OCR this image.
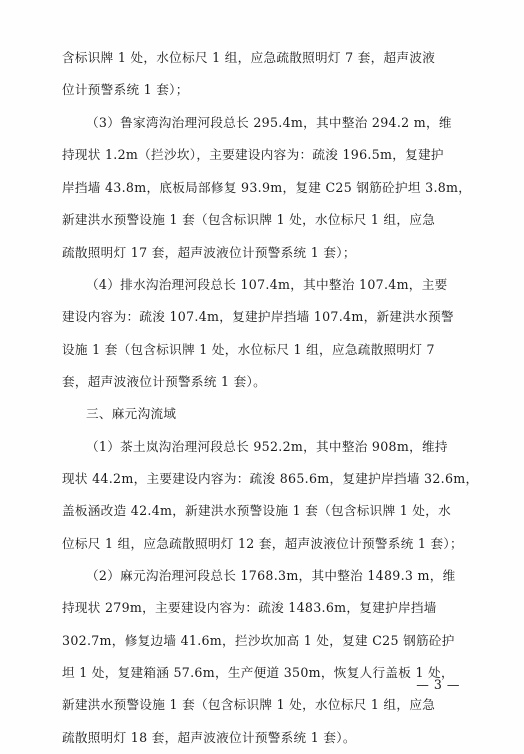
含标识牌 1 处，水位标尺 1 组，应急疏散照明灯 7 套，超声波液
位计预警系统 1 套）；
（3）鲁家湾沟治理河段总长 295.4m，其中整治 294.2 m，维
持现状 1.2m（拦沙坎），主要建设内容为：疏浚 196.5m，复建护
岸挡墙 43.8m，底板局部修复 93.9m，复建 C25 钢筋砼护坦 3.8m，
新建洪水预警设施 1 套（包含标识牌 1 处，水位标尺 1 组，应急
疏散照明灯 17 套，超声波液位计预警系统 1 套）；
（4）排水沟治理河段总长 107.4m，其中整治 107.4m，主要
建设内容为：疏浚 107.4m，复建护岸挡墙 107.4m，新建洪水预警
设施 1 套（包含标识牌 1 处，水位标尺 1 组，应急疏散照明灯 7
套，超声波液位计预警系统 1 套）。
三、麻元沟流域
（1）茶土岚沟治理河段总长 952.2m，其中整治 908m，维持
现状 44.2m，主要建设内容为：疏浚 865.6m，复建护岸挡墙 32.6m，
盖板涵改造 42.4m，新建洪水预警设施 1 套（包含标识牌 1 处，水
位标尺 1 组，应急疏散照明灯 12 套，超声波液位计预警系统 1 套）；
（2）麻元沟治理河段总长 1768.3m，其中整治 1489.3 m，维
持现状 279m，主要建设内容为：疏浚 1483.6m，复建护岸挡墙
302.7m，修复边墙 41.6m，拦沙坎加高 1 处，复建 C25 钢筋砼护
坦 1 处，复建箱涵 57.6m，生产便道 350m，恢复人行盖板 1 处，
新建洪水预警设施 1 套（包含标识牌 1 处，水位标尺 1 组，应急
疏散照明灯 18 套，超声波液位计预警系统 1 套）。
— 3 —
